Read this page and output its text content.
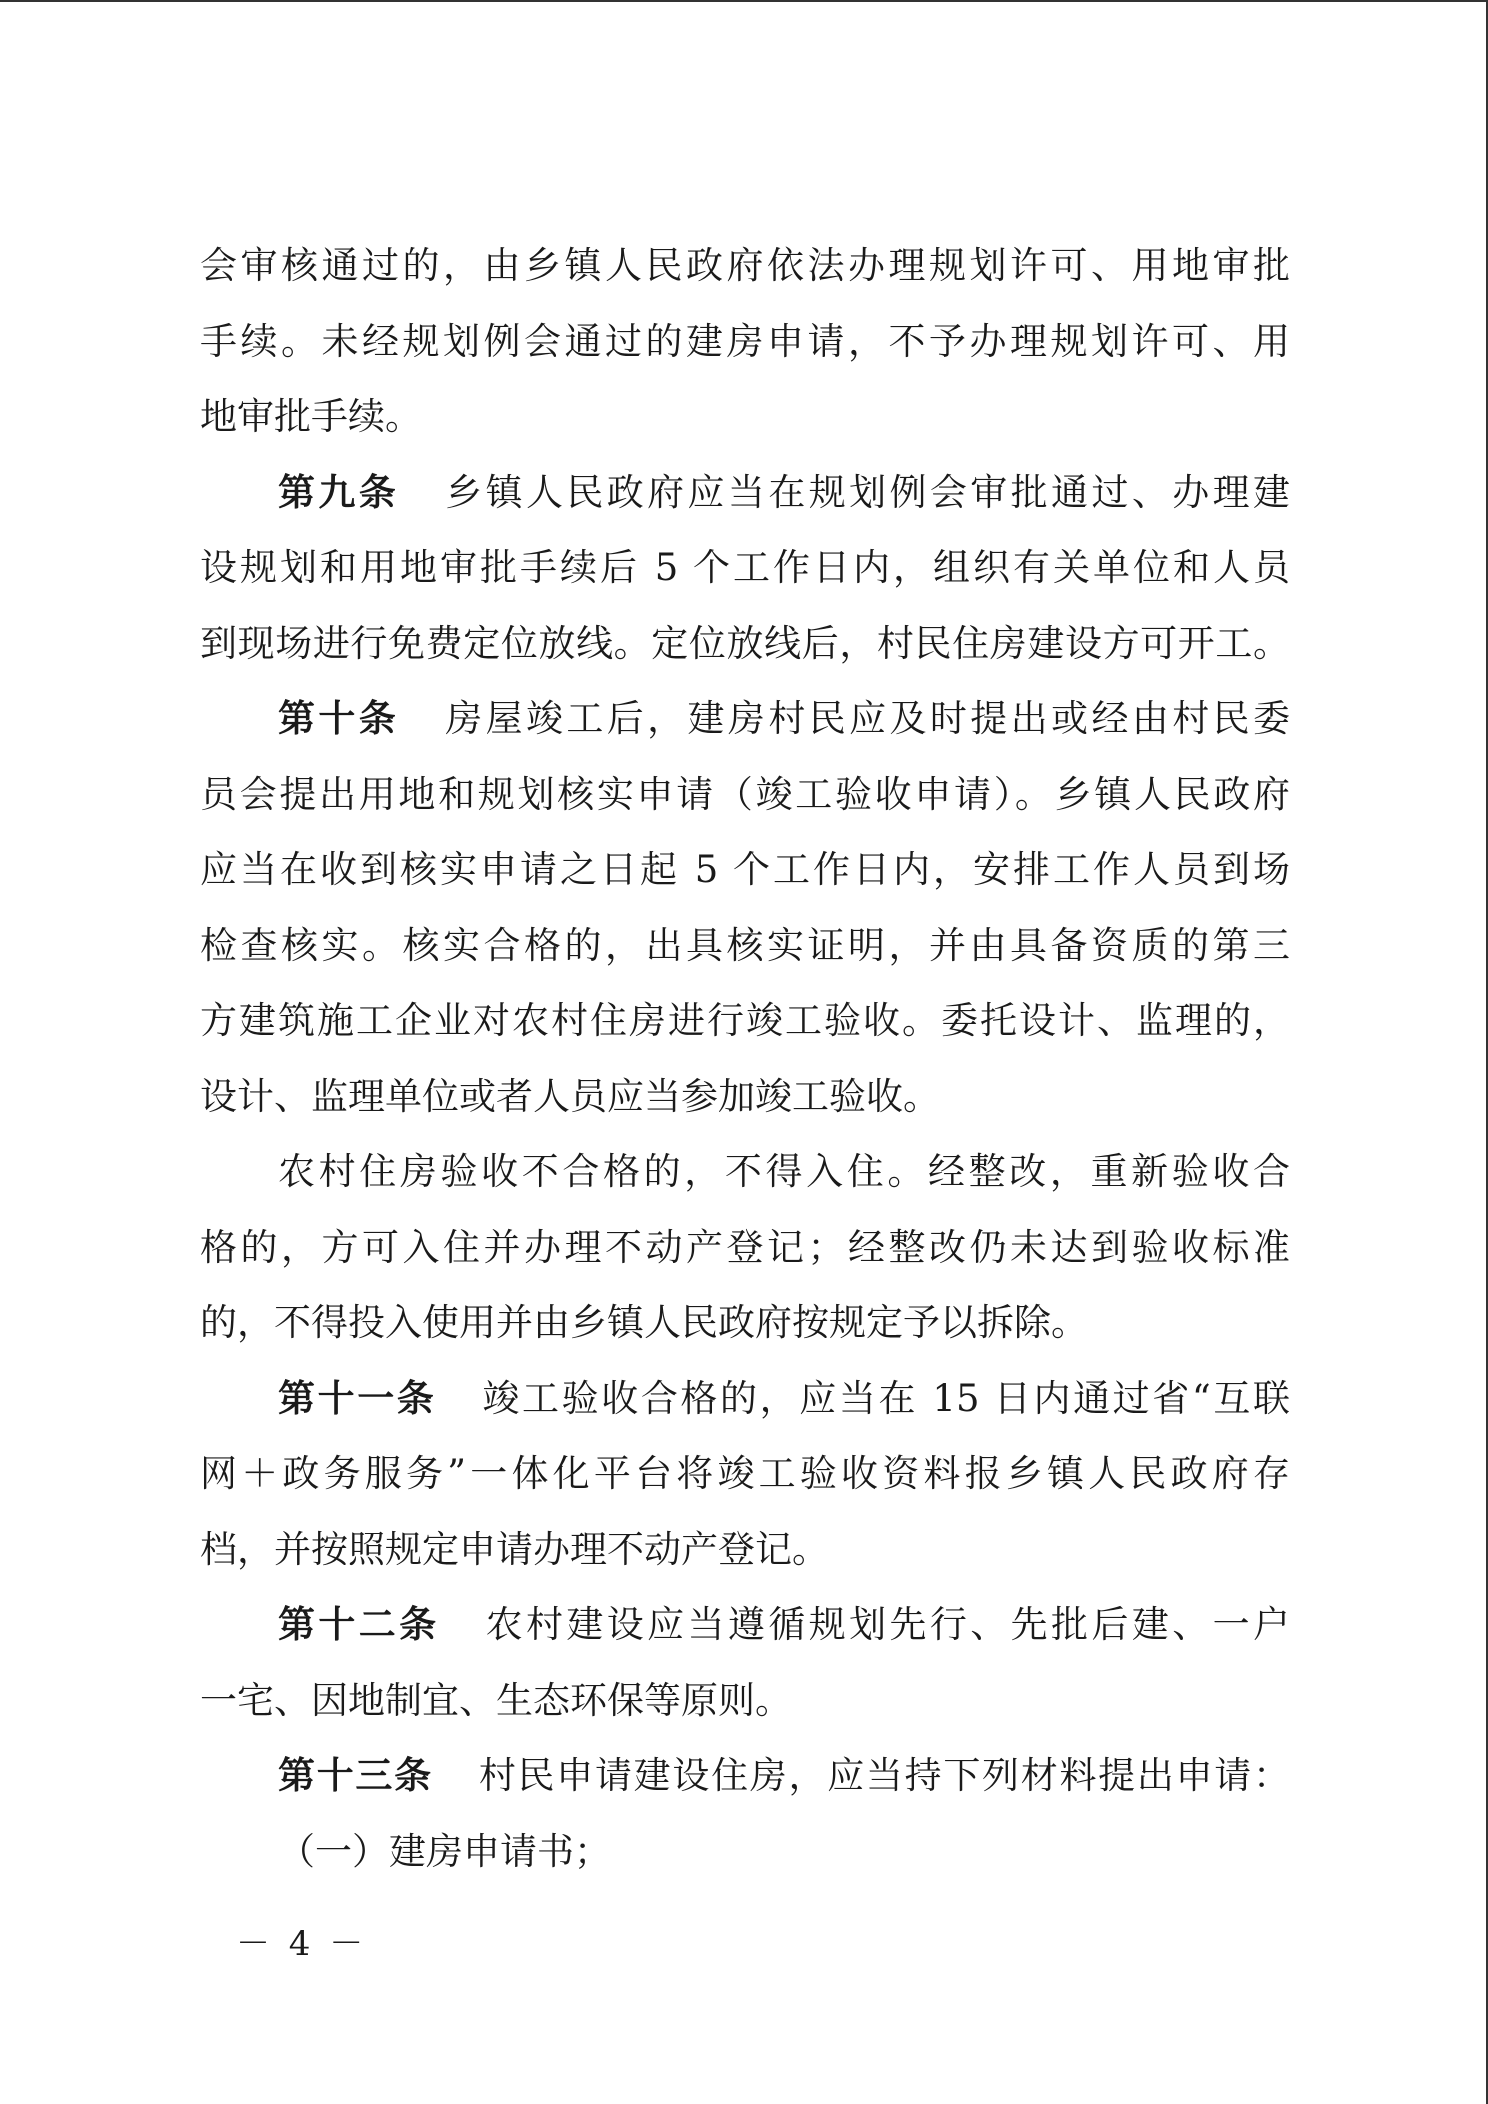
会审核通过的，由乡镇人民政府依法办理规划许可、用地审批
手续。未经规划例会通过的建房申请，不予办理规划许可、用
地审批手续。
第九条 乡镇人民政府应当在规划例会审批通过、办理建
设规划和用地审批手续后 5 个工作日内，组织有关单位和人员
到现场进行免费定位放线。定位放线后，村民住房建设方可开工。
第十条 房屋竣工后，建房村民应及时提出或经由村民委
员会提出用地和规划核实申请（竣工验收申请）。乡镇人民政府
应当在收到核实申请之日起 5 个工作日内，安排工作人员到场
检查核实。核实合格的，出具核实证明，并由具备资质的第三
方建筑施工企业对农村住房进行竣工验收。委托设计、监理的，
设计、监理单位或者人员应当参加竣工验收。
农村住房验收不合格的，不得入住。经整改，重新验收合
格的，方可入住并办理不动产登记；经整改仍未达到验收标准
的，不得投入使用并由乡镇人民政府按规定予以拆除。
第十一条 竣工验收合格的，应当在 15 日内通过省“互联
网＋政务服务”一体化平台将竣工验收资料报乡镇人民政府存
档，并按照规定申请办理不动产登记。
第十二条 农村建设应当遵循规划先行、先批后建、一户
一宅、因地制宜、生态环保等原则。
第十三条 村民申请建设住房，应当持下列材料提出申请：
（一）建房申请书；
－ 4 －
